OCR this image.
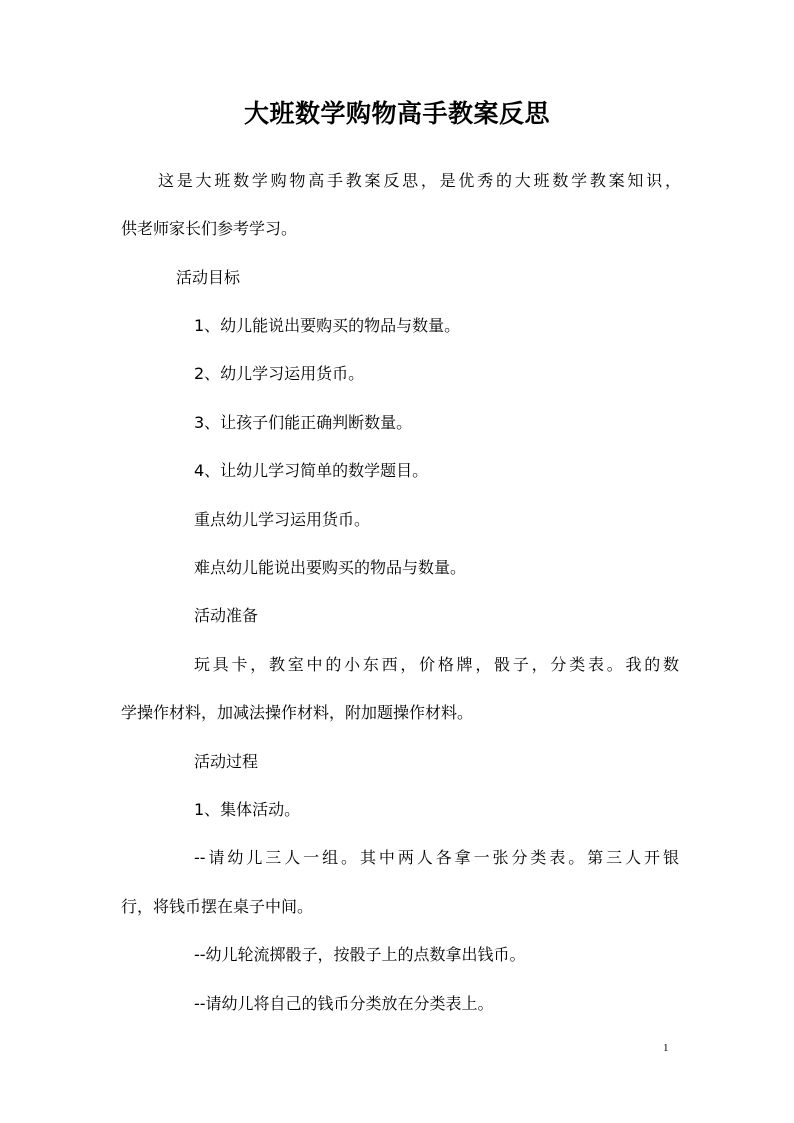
大班数学购物高手教案反思
这是大班数学购物高手教案反思，是优秀的大班数学教案知识，
供老师家长们参考学习。
活动目标
1、幼儿能说出要购买的物品与数量。
2、幼儿学习运用货币。
3、让孩子们能正确判断数量。
4、让幼儿学习简单的数学题目。
重点幼儿学习运用货币。
难点幼儿能说出要购买的物品与数量。
活动准备
玩具卡，教室中的小东西，价格牌，骰子，分类表。我的数
学操作材料，加减法操作材料，附加题操作材料。
活动过程
1、集体活动。
--请幼儿三人一组。其中两人各拿一张分类表。第三人开银
行，将钱币摆在桌子中间。
--幼儿轮流掷骰子，按骰子上的点数拿出钱币。
--请幼儿将自己的钱币分类放在分类表上。
1
